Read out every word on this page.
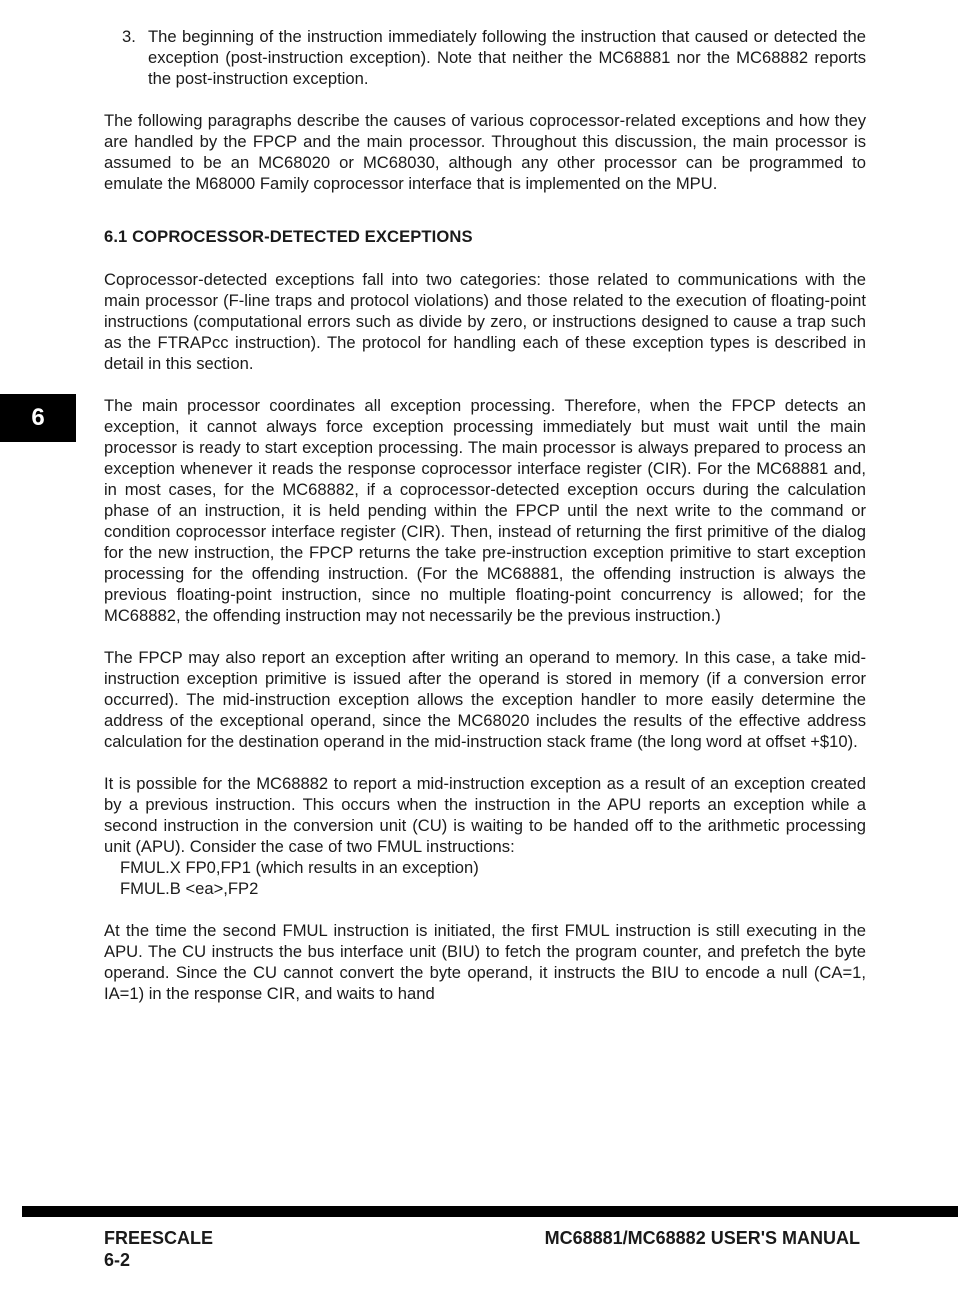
3. The beginning of the instruction immediately following the instruction that caused or detected the exception (post-instruction exception). Note that neither the MC68881 nor the MC68882 reports the post-instruction exception.

The following paragraphs describe the causes of various coprocessor-related exceptions and how they are handled by the FPCP and the main processor. Throughout this discussion, the main processor is assumed to be an MC68020 or MC68030, although any other processor can be programmed to emulate the M68000 Family coprocessor interface that is implemented on the MPU.

6.1 COPROCESSOR-DETECTED EXCEPTIONS

Coprocessor-detected exceptions fall into two categories: those related to communications with the main processor (F-line traps and protocol violations) and those related to the execution of floating-point instructions (computational errors such as divide by zero, or instructions designed to cause a trap such as the FTRAPcc instruction). The protocol for handling each of these exception types is described in detail in this section.

The main processor coordinates all exception processing. Therefore, when the FPCP detects an exception, it cannot always force exception processing immediately but must wait until the main processor is ready to start exception processing. The main processor is always prepared to process an exception whenever it reads the response coprocessor interface register (CIR). For the MC68881 and, in most cases, for the MC68882, if a coprocessor-detected exception occurs during the calculation phase of an instruction, it is held pending within the FPCP until the next write to the command or condition coprocessor interface register (CIR). Then, instead of returning the first primitive of the dialog for the new instruction, the FPCP returns the take pre-instruction exception primitive to start exception processing for the offending instruction. (For the MC68881, the offending instruction is always the previous floating-point instruction, since no multiple floating-point concurrency is allowed; for the MC68882, the offending instruction may not necessarily be the previous instruction.)

The FPCP may also report an exception after writing an operand to memory. In this case, a take mid-instruction exception primitive is issued after the operand is stored in memory (if a conversion error occurred). The mid-instruction exception allows the exception handler to more easily determine the address of the exceptional operand, since the MC68020 includes the results of the effective address calculation for the destination operand in the mid-instruction stack frame (the long word at offset +$10).

It is possible for the MC68882 to report a mid-instruction exception as a result of an exception created by a previous instruction. This occurs when the instruction in the APU reports an exception while a second instruction in the conversion unit (CU) is waiting to be handed off to the arithmetic processing unit (APU). Consider the case of two FMUL instructions:
FMUL.X FP0,FP1 (which results in an exception)
FMUL.B <ea>,FP2

At the time the second FMUL instruction is initiated, the first FMUL instruction is still executing in the APU. The CU instructs the bus interface unit (BIU) to fetch the program counter, and prefetch the byte operand. Since the CU cannot convert the byte operand, it instructs the BIU to encode a null (CA=1, IA=1) in the response CIR, and waits to hand

6
FREESCALE
6-2
MC68881/MC68882 USER'S MANUAL
